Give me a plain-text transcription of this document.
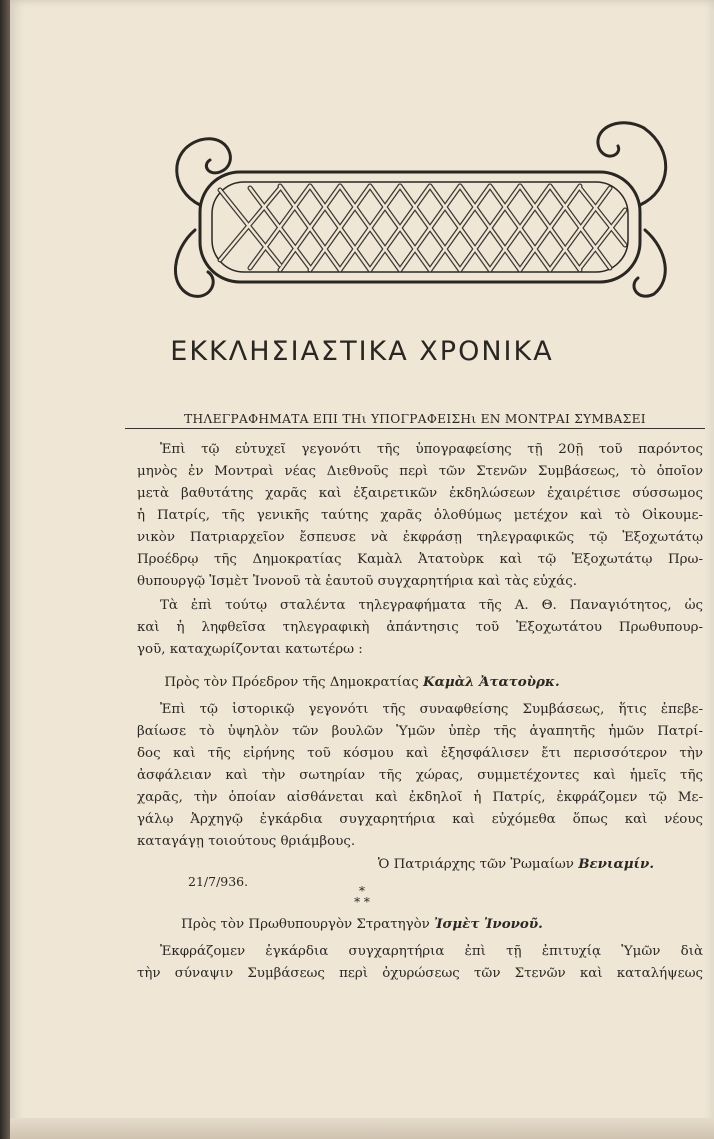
ΕΚΚΛΗΣΙΑΣΤΙΚΑ ΧΡΟΝΙΚΑ
ΤΗΛΕΓΡΑΦΗΜΑΤΑ ΕΠΙ ΤΗι ΥΠΟΓΡΑΦΕΙΣΗι ΕΝ ΜΟΝΤΡΑΙ ΣΥΜΒΑΣΕΙ
Ἐπὶ τῷ εὐτυχεῖ γεγονότι τῆς ὑπογραφείσης τῇ 20ῇ τοῦ παρόντος
μηνὸς ἐν Μοντραὶ νέας Διεθνοῦς περὶ τῶν Στενῶν Συμβάσεως, τὸ ὁποῖον
μετὰ βαθυτάτης χαρᾶς καὶ ἐξαιρετικῶν ἐκδηλώσεων ἐχαιρέτισε σύσσωμος
ἡ Πατρίς, τῆς γενικῆς ταύτης χαρᾶς ὁλοθύμως μετέχον καὶ τὸ Οἰκουμε-
νικὸν Πατριαρχεῖον ἔσπευσε νὰ ἐκφράσῃ τηλεγραφικῶς τῷ Ἐξοχωτάτῳ
Προέδρῳ τῆς Δημοκρατίας Καμὰλ Ἀτατοὺρκ καὶ τῷ Ἐξοχωτάτῳ Πρω-
θυπουργῷ Ἰσμὲτ Ἰνονοῦ τὰ ἑαυτοῦ συγχαρητήρια καὶ τὰς εὐχάς.
Τὰ ἐπὶ τούτῳ σταλέντα τηλεγραφήματα τῆς Α. Θ. Παναγιότητος, ὡς
καὶ ἡ ληφθεῖσα τηλεγραφικὴ ἀπάντησις τοῦ Ἐξοχωτάτου Πρωθυπουρ-
γοῦ, καταχωρίζονται κατωτέρω :
Πρὸς τὸν Πρόεδρον τῆς Δημοκρατίας Καμὰλ Ἀτατοὺρκ.
Ἐπὶ τῷ ἱστορικῷ γεγονότι τῆς συναφθείσης Συμβάσεως, ἥτις ἐπεβε-
βαίωσε τὸ ὑψηλὸν τῶν βουλῶν Ὑμῶν ὑπὲρ τῆς ἀγαπητῆς ἡμῶν Πατρί-
δος καὶ τῆς εἰρήνης τοῦ κόσμου καὶ ἐξησφάλισεν ἔτι περισσότερον τὴν
ἀσφάλειαν καὶ τὴν σωτηρίαν τῆς χώρας, συμμετέχοντες καὶ ἡμεῖς τῆς
χαρᾶς, τὴν ὁποίαν αἰσθάνεται καὶ ἐκδηλοῖ ἡ Πατρίς, ἐκφράζομεν τῷ Με-
γάλῳ Ἀρχηγῷ ἐγκάρδια συγχαρητήρια καὶ εὐχόμεθα ὅπως καὶ νέους
καταγάγῃ τοιούτους θριάμβους.
Ὁ Πατριάρχης τῶν Ῥωμαίων Βενιαμίν.
21/7/936.
*
* *
Πρὸς τὸν Πρωθυπουργὸν Στρατηγὸν Ἰσμὲτ Ἰνονοῦ.
Ἐκφράζομεν ἐγκάρδια συγχαρητήρια ἐπὶ τῇ ἐπιτυχίᾳ Ὑμῶν διὰ
τὴν σύναψιν Συμβάσεως περὶ ὀχυρώσεως τῶν Στενῶν καὶ καταλήψεως
